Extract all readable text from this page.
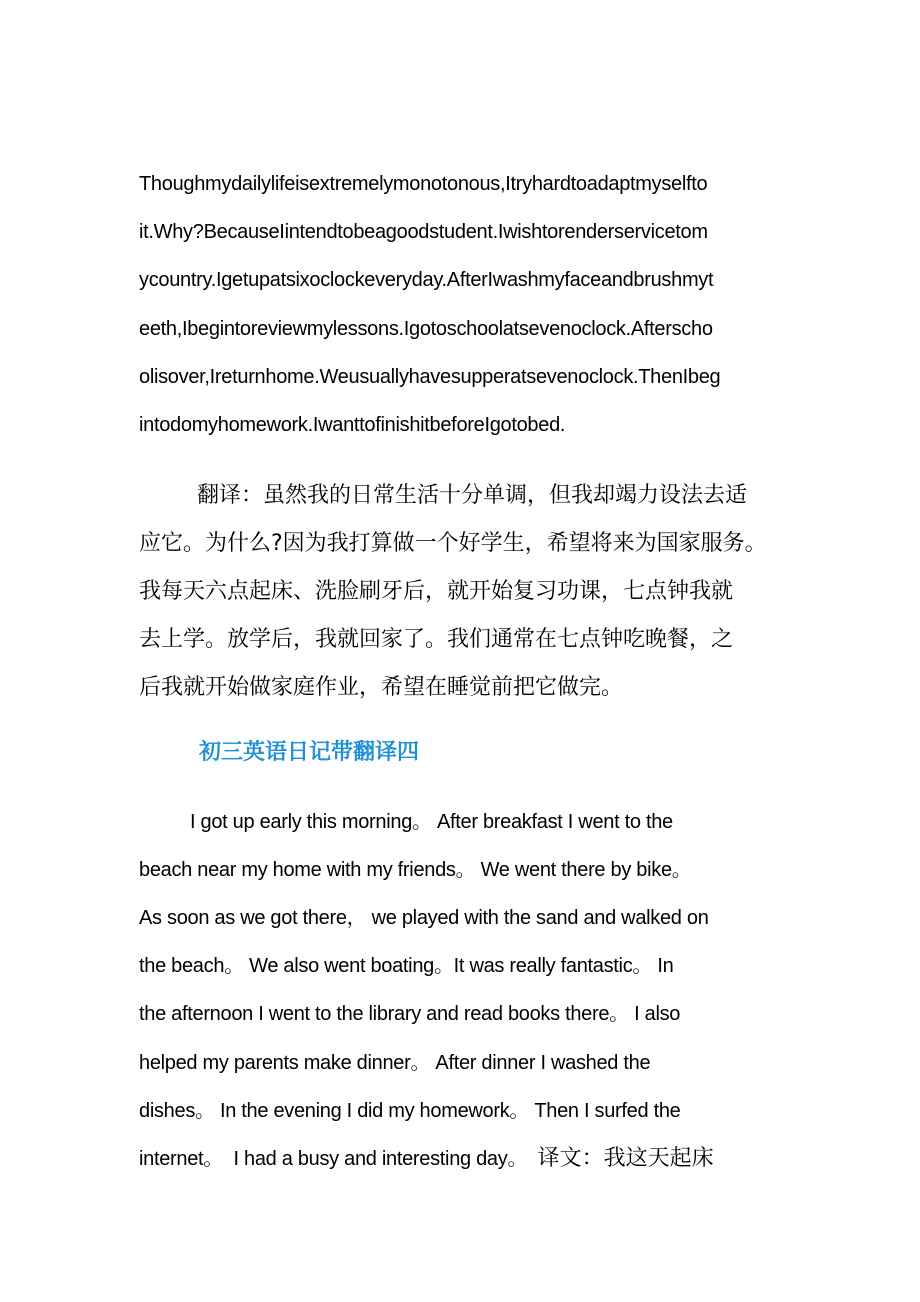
Thoughmydailylifeisextremelymonotonous,Itryhardtoadaptmyselfto
it.Why?BecauseIintendtobeagoodstudent.Iwishtorenderservicetom
ycountry.Igetupatsixoclockeveryday.AfterIwashmyfaceandbrushmyt
eeth,Ibegintoreviewmylessons.Igotoschoolatsevenoclock.Afterscho
olisover,Ireturnhome.Weusuallyhavesupperatsevenoclock.ThenIbeg
intodomyhomework.IwanttofinishitbeforeIgotobed.
翻译：虽然我的日常生活十分单调，但我却竭力设法去适
应它。为什么?因为我打算做一个好学生，希望将来为国家服务。
我每天六点起床、洗脸刷牙后，就开始复习功课，七点钟我就
去上学。放学后，我就回家了。我们通常在七点钟吃晚餐，之
后我就开始做家庭作业，希望在睡觉前把它做完。
初三英语日记带翻译四
I got up early this morning。 After breakfast I went to the
beach near my home with my friends。 We went there by bike。
As soon as we got there， we played with the sand and walked on
the beach。 We also went boating。It was really fantastic。 In
the afternoon I went to the library and read books there。 I also
helped my parents make dinner。 After dinner I washed the
dishes。 In the evening I did my homework。 Then I surfed the
internet。  I had a busy and interesting day。  译文：我这天起床
